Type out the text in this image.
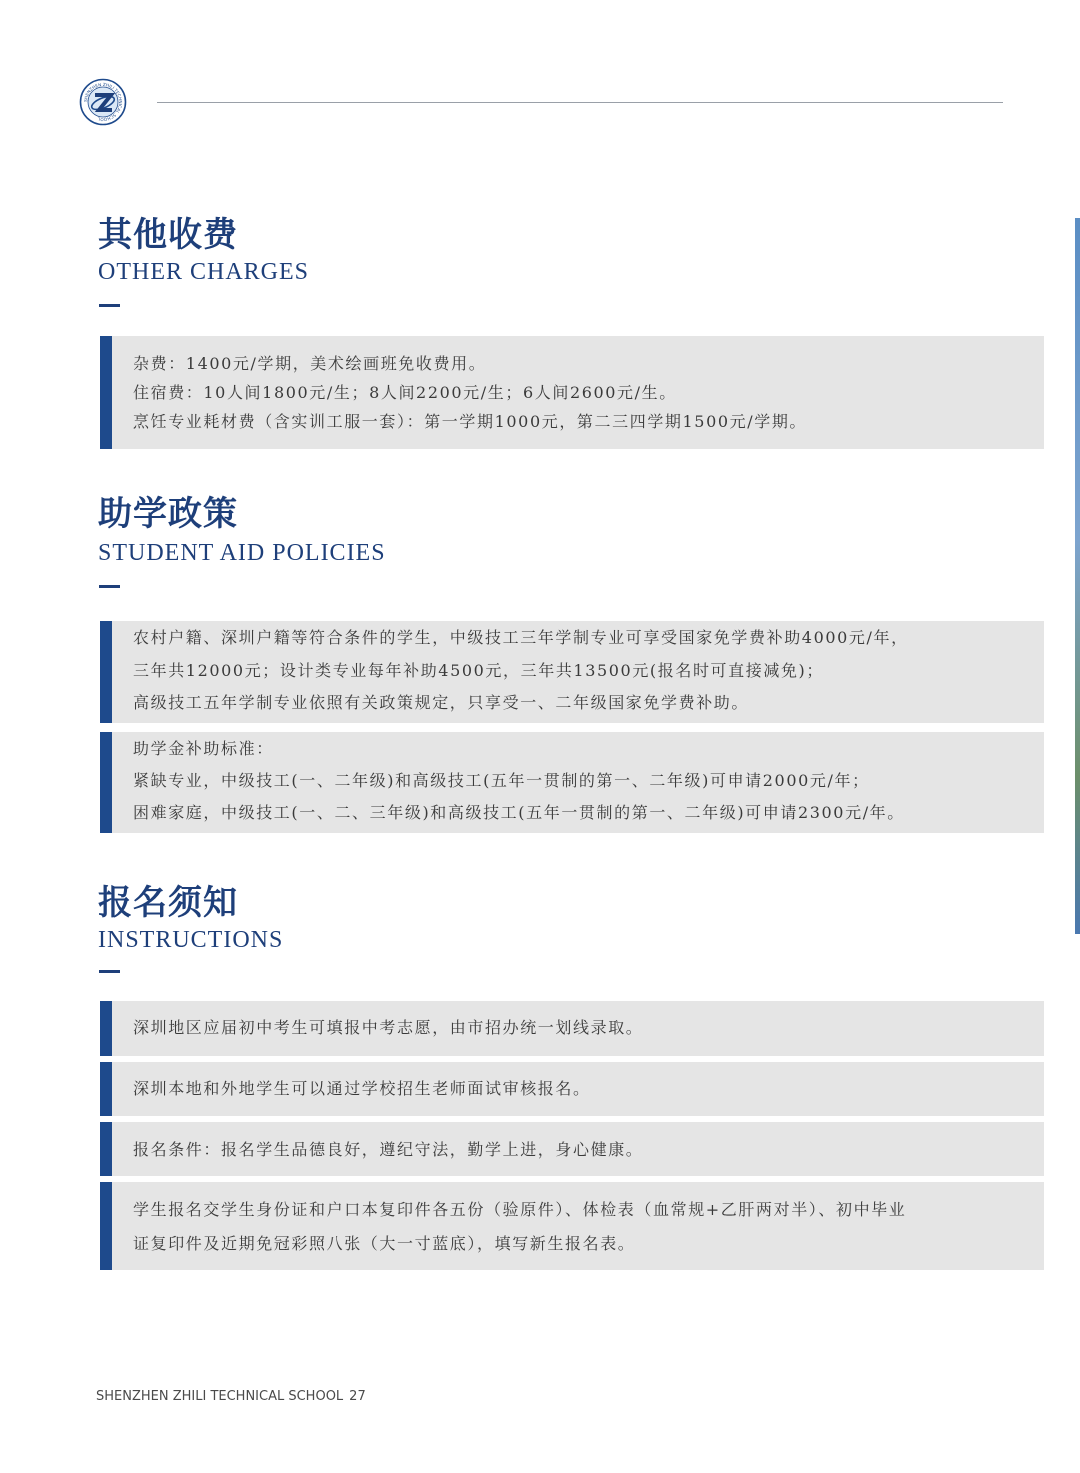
SHENZHEN ZHILI TECHNICAL SCHOOL
其他收费
OTHER CHARGES

杂费：1400元/学期，美术绘画班免收费用。

住宿费：10人间1800元/生；8人间2200元/生；6人间2600元/生。

烹饪专业耗材费（含实训工服一套）：第一学期1000元，第二三四学期1500元/学期。

助学政策
STUDENT AID POLICIES

农村户籍、深圳户籍等符合条件的学生，中级技工三年学制专业可享受国家免学费补助4000元/年，

三年共12000元；设计类专业每年补助4500元，三年共13500元(报名时可直接减免)；

高级技工五年学制专业依照有关政策规定，只享受一、二年级国家免学费补助。

助学金补助标准：

紧缺专业，中级技工(一、二年级)和高级技工(五年一贯制的第一、二年级)可申请2000元/年；

困难家庭，中级技工(一、二、三年级)和高级技工(五年一贯制的第一、二年级)可申请2300元/年。

报名须知
INSTRUCTIONS

深圳地区应届初中考生可填报中考志愿，由市招办统一划线录取。

深圳本地和外地学生可以通过学校招生老师面试审核报名。

报名条件：报名学生品德良好，遵纪守法，勤学上进，身心健康。

学生报名交学生身份证和户口本复印件各五份（验原件）、体检表（血常规+乙肝两对半）、初中毕业

证复印件及近期免冠彩照八张（大一寸蓝底），填写新生报名表。

SHENZHEN ZHILI TECHNICAL SCHOOL 27
